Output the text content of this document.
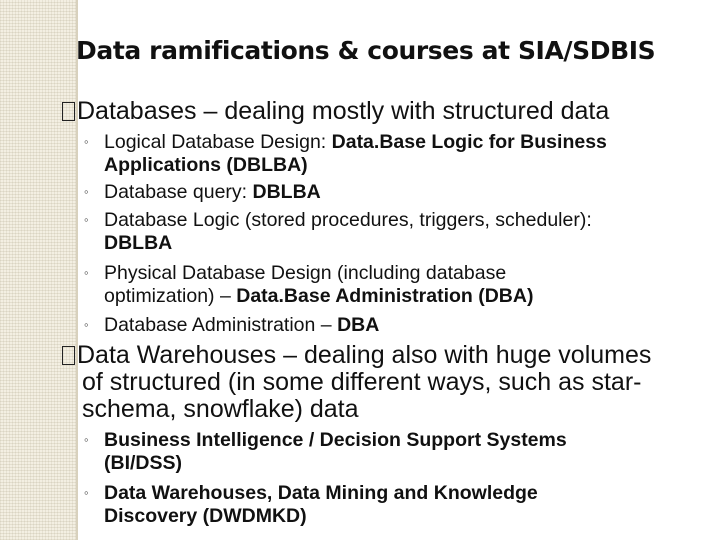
Data ramifications & courses at SIA/SDBIS
Databases – dealing mostly with structured data
◦ Logical Database Design: Data.Base Logic for Business
Applications (DBLBA)
◦ Database query: DBLBA
◦ Database Logic (stored procedures, triggers, scheduler):
DBLBA
◦ Physical Database Design (including database
optimization) – Data.Base Administration (DBA)
◦ Database Administration – DBA
Data Warehouses – dealing also with huge volumes
of structured (in some different ways, such as star-
schema, snowflake) data
◦ Business Intelligence / Decision Support Systems
(BI/DSS)
◦ Data Warehouses, Data Mining and Knowledge
Discovery (DWDMKD)
